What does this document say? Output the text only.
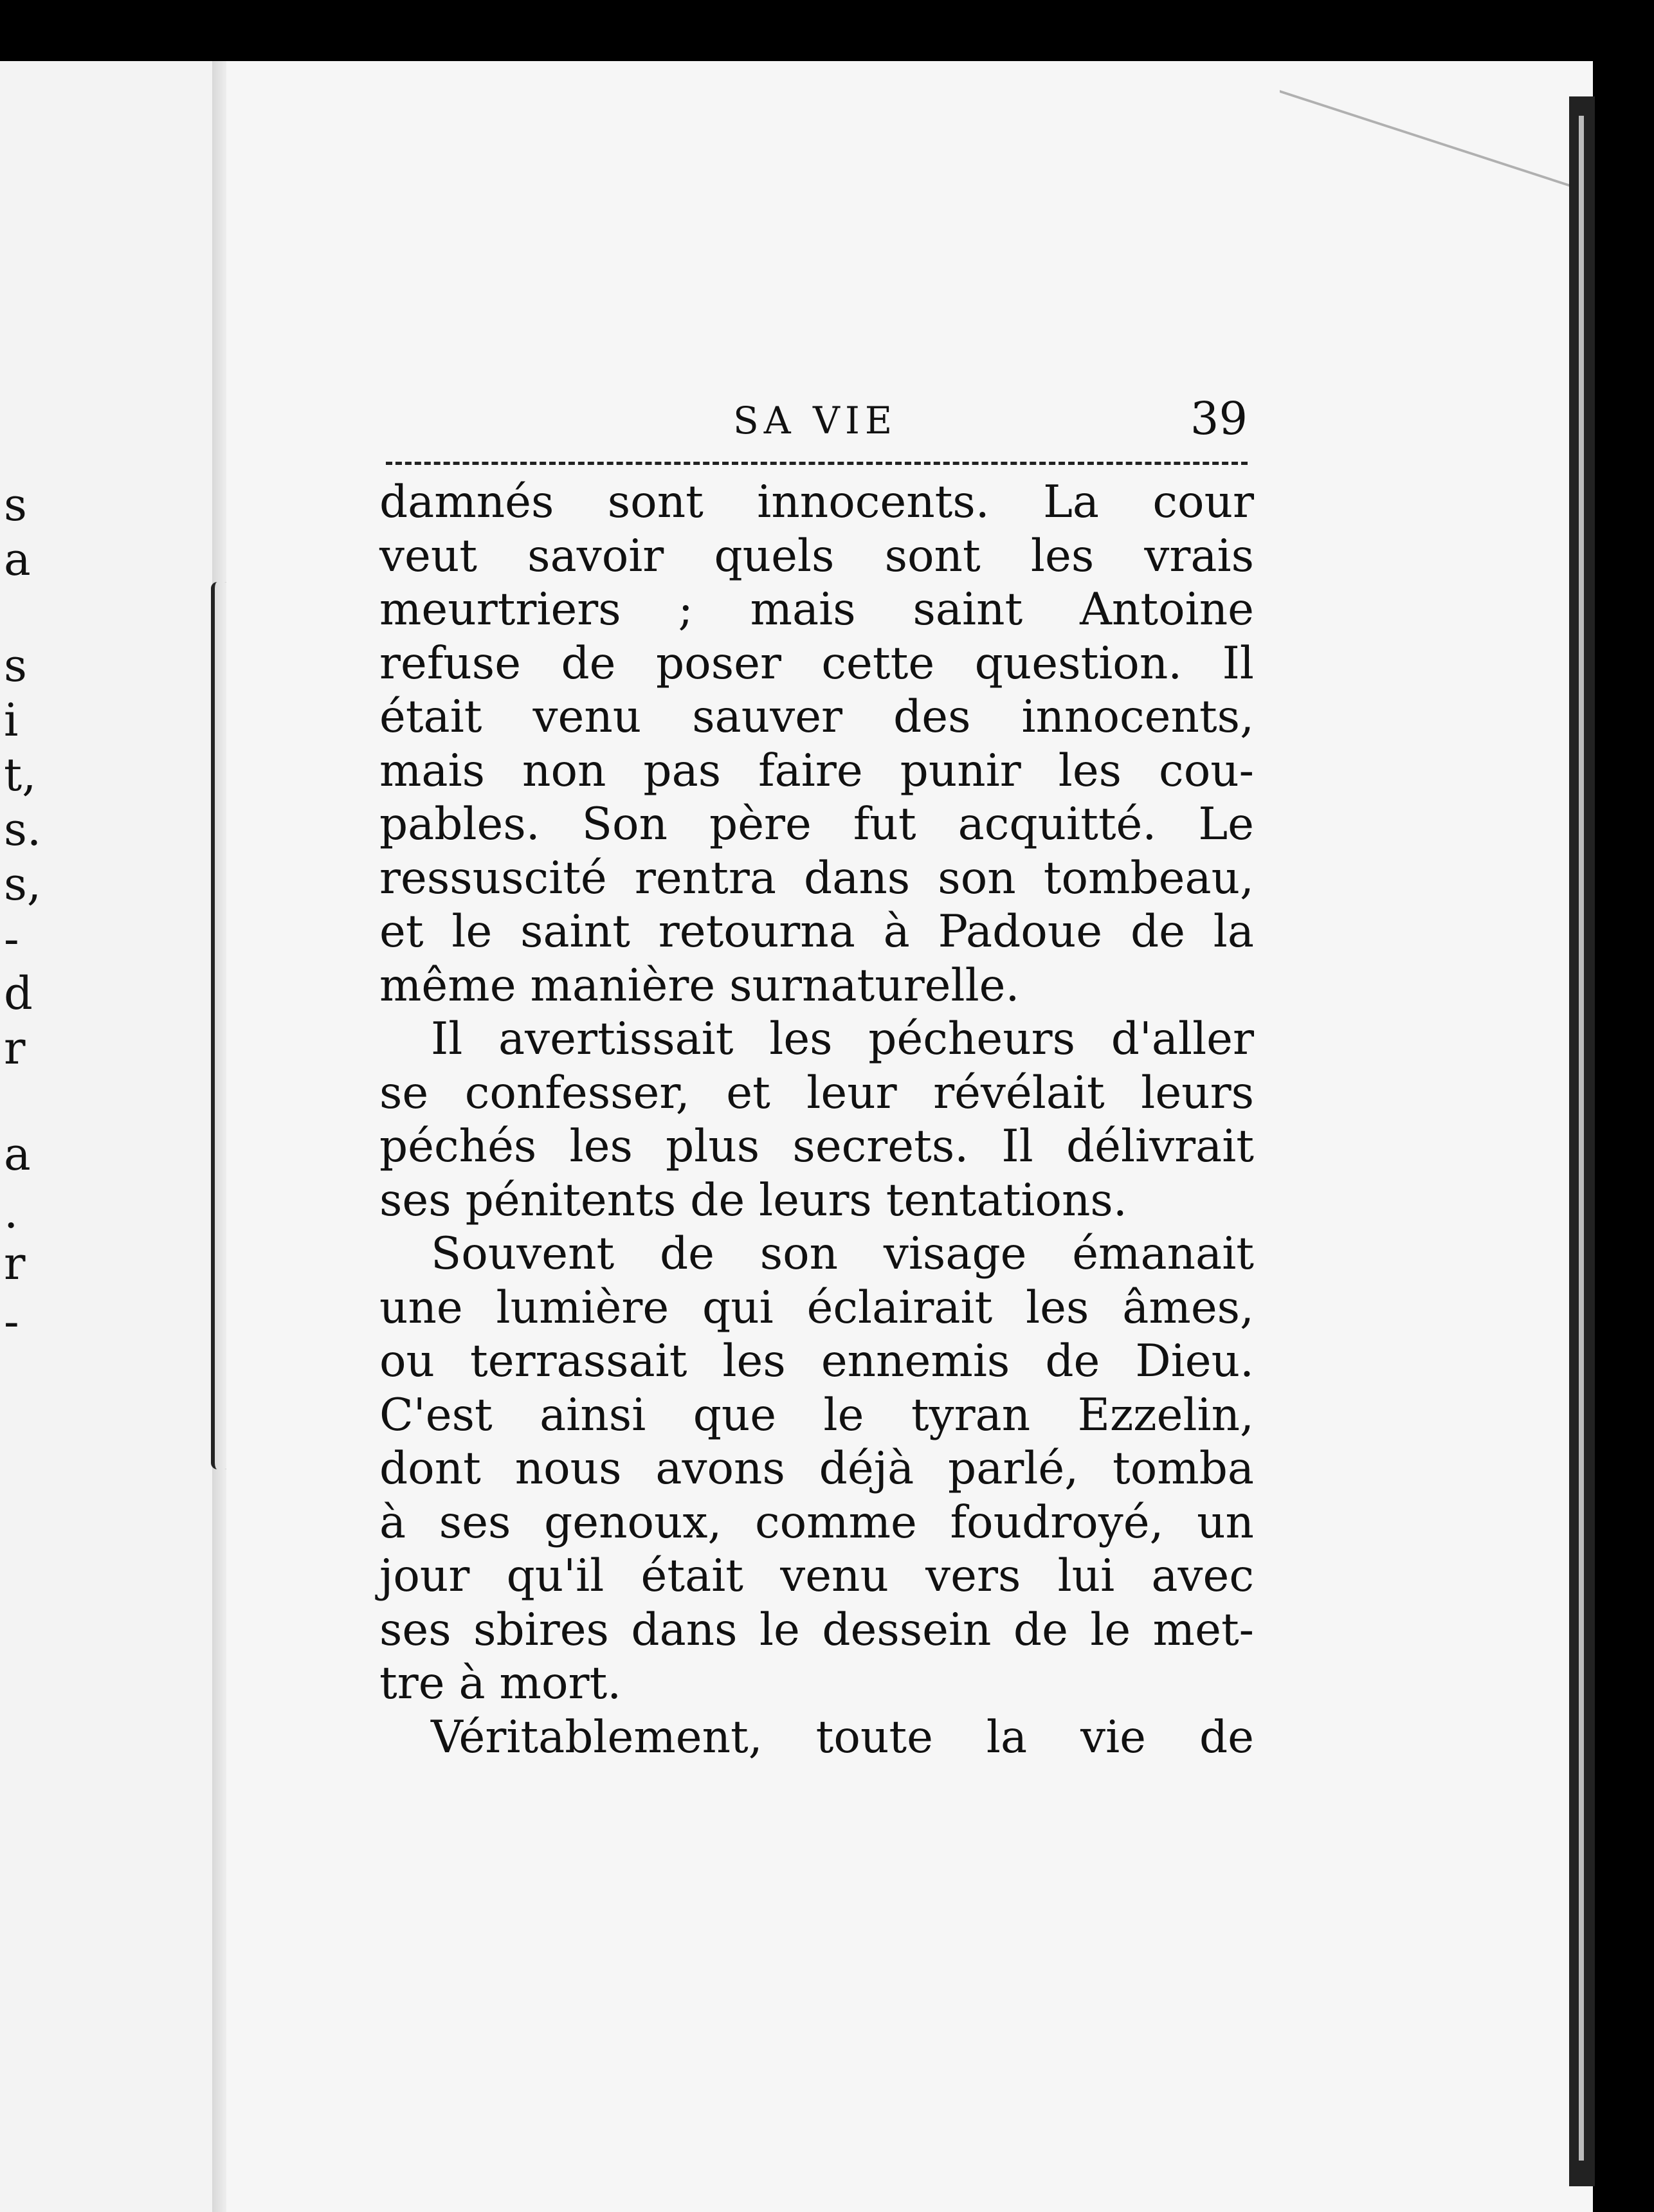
s
a
s
i
t,
s.
s,
-
d
r
a
.
r
-
SA VIE	39
damnés sont innocents. La cour
veut savoir quels sont les vrais
meurtriers ; mais saint Antoine
refuse de poser cette question. Il
était venu sauver des innocents,
mais non pas faire punir les cou-
pables. Son père fut acquitté. Le
ressuscité rentra dans son tombeau,
et le saint retourna à Padoue de la
même manière surnaturelle.
Il avertissait les pécheurs d'aller
se confesser, et leur révélait leurs
péchés les plus secrets. Il délivrait
ses pénitents de leurs tentations.
Souvent de son visage émanait
une lumière qui éclairait les âmes,
ou terrassait les ennemis de Dieu.
C'est ainsi que le tyran Ezzelin,
dont nous avons déjà parlé, tomba
à ses genoux, comme foudroyé, un
jour qu'il était venu vers lui avec
ses sbires dans le dessein de le met-
tre à mort.
Véritablement, toute la vie de
